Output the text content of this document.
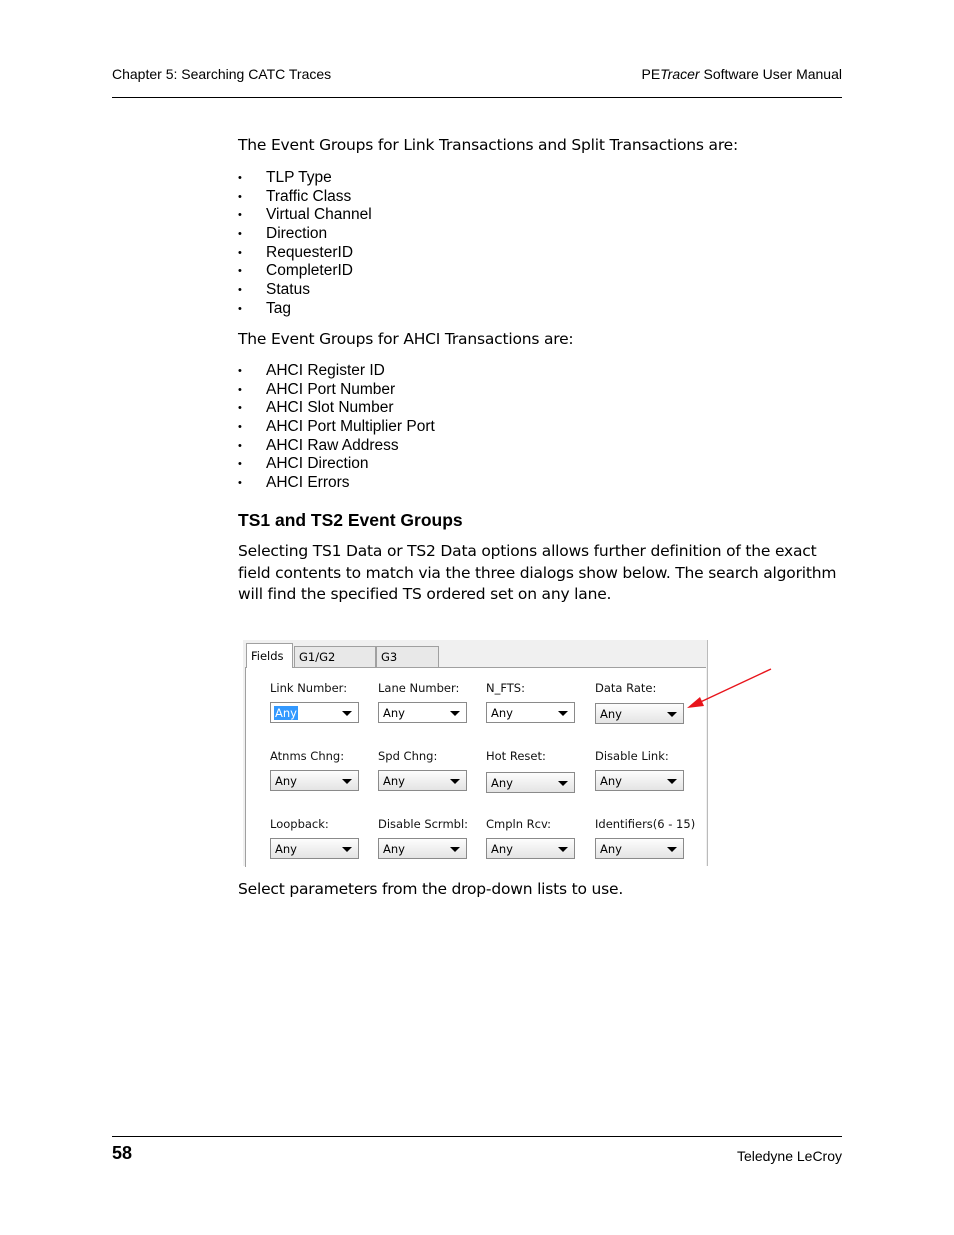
Chapter 5: Searching CATC Traces	PETracer Software User Manual
The Event Groups for Link Transactions and Split Transactions are:
• TLP Type
• Traffic Class
• Virtual Channel
• Direction
• RequesterID
• CompleterID
• Status
• Tag
The Event Groups for AHCI Transactions are:
• AHCI Register ID
• AHCI Port Number
• AHCI Slot Number
• AHCI Port Multiplier Port
• AHCI Raw Address
• AHCI Direction
• AHCI Errors
TS1 and TS2 Event Groups
Selecting TS1 Data or TS2 Data options allows further definition of the exact field contents to match via the three dialogs show below. The search algorithm will find the specified TS ordered set on any lane.
Fields	G1/G2	G3
Link Number:
Any
Lane Number:
Any
N_FTS:
Any
Data Rate:
Any
Atnms Chng:
Any
Spd Chng:
Any
Hot Reset:
Any
Disable Link:
Any
Loopback:
Any
Disable Scrmbl:
Any
Cmpln Rcv:
Any
Identifiers(6 - 15)
Any
Select parameters from the drop-down lists to use.
58	Teledyne LeCroy
